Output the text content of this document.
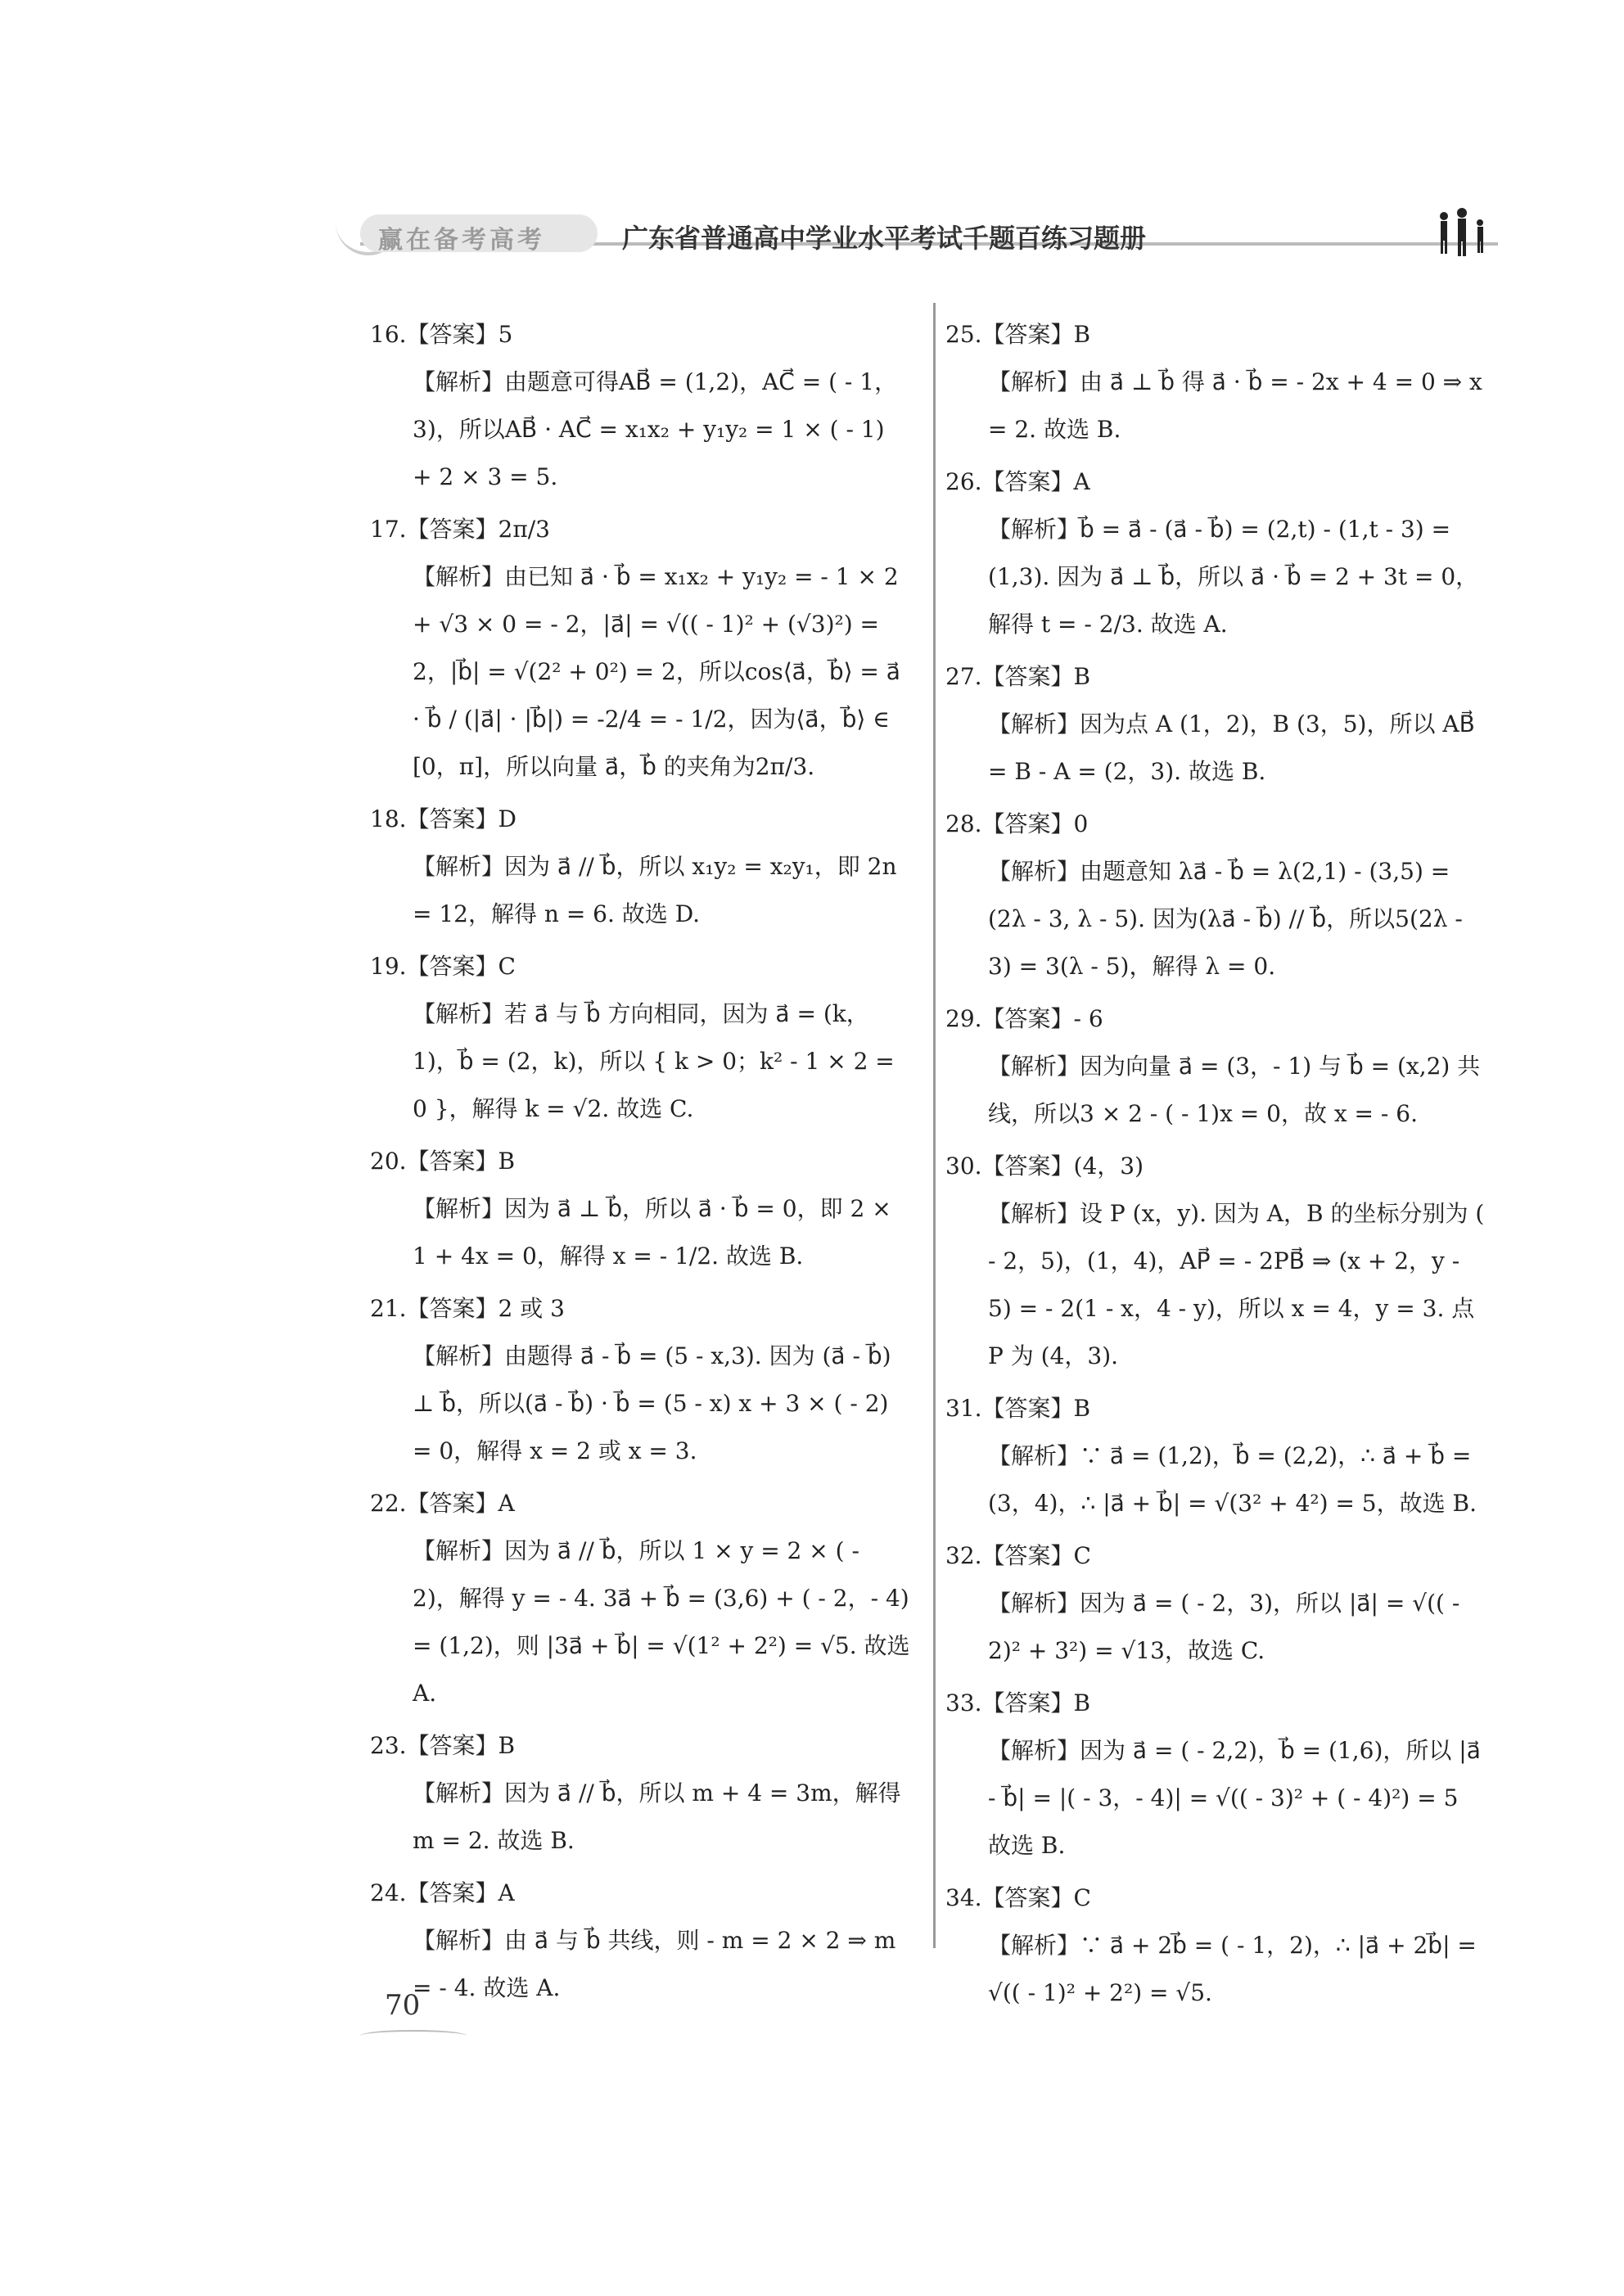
赢在备考高考	广东省普通高中学业水平考试千题百练习题册
16.【答案】5
【解析】由题意可得AB⃗ = (1,2)，AC⃗ = ( - 1，3)，所以AB⃗ · AC⃗ = x₁x₂ + y₁y₂ = 1 × ( - 1) + 2 × 3 = 5.
17.【答案】2π/3
【解析】由已知 a⃗ · b⃗ = x₁x₂ + y₁y₂ = - 1 × 2 + √3 × 0 = - 2，|a⃗| = √(( - 1)² + (√3)²) = 2，|b⃗| = √(2² + 0²) = 2，所以cos⟨a⃗，b⃗⟩ = a⃗ · b⃗ / (|a⃗| · |b⃗|) = -2/4 = - 1/2，因为⟨a⃗，b⃗⟩ ∈ [0，π]，所以向量 a⃗，b⃗ 的夹角为2π/3.
18.【答案】D
【解析】因为 a⃗ // b⃗，所以 x₁y₂ = x₂y₁，即 2n = 12，解得 n = 6. 故选 D.
19.【答案】C
【解析】若 a⃗ 与 b⃗ 方向相同，因为 a⃗ = (k，1)，b⃗ = (2，k)，所以 { k > 0；k² - 1 × 2 = 0 }，解得 k = √2. 故选 C.
20.【答案】B
【解析】因为 a⃗ ⊥ b⃗，所以 a⃗ · b⃗ = 0，即 2 × 1 + 4x = 0，解得 x = - 1/2. 故选 B.
21.【答案】2 或 3
【解析】由题得 a⃗ - b⃗ = (5 - x,3). 因为 (a⃗ - b⃗) ⊥ b⃗，所以(a⃗ - b⃗) · b⃗ = (5 - x) x + 3 × ( - 2) = 0，解得 x = 2 或 x = 3.
22.【答案】A
【解析】因为 a⃗ // b⃗，所以 1 × y = 2 × ( - 2)，解得 y = - 4. 3a⃗ + b⃗ = (3,6) + ( - 2，- 4) = (1,2)，则 |3a⃗ + b⃗| = √(1² + 2²) = √5. 故选 A.
23.【答案】B
【解析】因为 a⃗ // b⃗，所以 m + 4 = 3m，解得 m = 2. 故选 B.
24.【答案】A
【解析】由 a⃗ 与 b⃗ 共线，则 - m = 2 × 2 ⇒ m = - 4. 故选 A.
25.【答案】B
【解析】由 a⃗ ⊥ b⃗ 得 a⃗ · b⃗ = - 2x + 4 = 0 ⇒ x = 2. 故选 B.
26.【答案】A
【解析】b⃗ = a⃗ - (a⃗ - b⃗) = (2,t) - (1,t - 3) = (1,3). 因为 a⃗ ⊥ b⃗，所以 a⃗ · b⃗ = 2 + 3t = 0，解得 t = - 2/3. 故选 A.
27.【答案】B
【解析】因为点 A (1，2)，B (3，5)，所以 AB⃗ = B - A = (2，3). 故选 B.
28.【答案】0
【解析】由题意知 λa⃗ - b⃗ = λ(2,1) - (3,5) = (2λ - 3, λ - 5). 因为(λa⃗ - b⃗) // b⃗，所以5(2λ - 3) = 3(λ - 5)，解得 λ = 0.
29.【答案】- 6
【解析】因为向量 a⃗ = (3，- 1) 与 b⃗ = (x,2) 共线，所以3 × 2 - ( - 1)x = 0，故 x = - 6.
30.【答案】(4，3)
【解析】设 P (x，y). 因为 A，B 的坐标分别为 ( - 2，5)，(1，4)，AP⃗ = - 2PB⃗ ⇒ (x + 2，y - 5) = - 2(1 - x，4 - y)，所以 x = 4，y = 3. 点 P 为 (4，3).
31.【答案】B
【解析】∵ a⃗ = (1,2)，b⃗ = (2,2)，∴ a⃗ + b⃗ = (3，4)，∴ |a⃗ + b⃗| = √(3² + 4²) = 5，故选 B.
32.【答案】C
【解析】因为 a⃗ = ( - 2，3)，所以 |a⃗| = √(( - 2)² + 3²) = √13，故选 C.
33.【答案】B
【解析】因为 a⃗ = ( - 2,2)，b⃗ = (1,6)，所以 |a⃗ - b⃗| = |( - 3，- 4)| = √(( - 3)² + ( - 4)²) = 5 故选 B.
34.【答案】C
【解析】∵ a⃗ + 2b⃗ = ( - 1，2)，∴ |a⃗ + 2b⃗| = √(( - 1)² + 2²) = √5.
70
